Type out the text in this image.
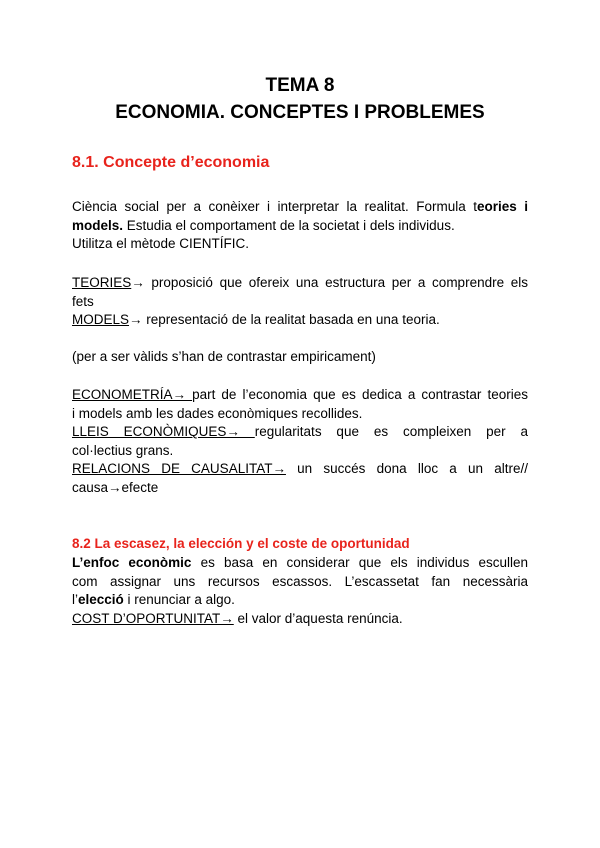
TEMA 8
ECONOMIA. CONCEPTES I PROBLEMES
8.1. Concepte d’economia
Ciència social per a conèixer i interpretar la realitat. Formula teories i
models. Estudia el comportament de la societat i dels individus.
Utilitza el mètode CIENTÍFIC.
TEORIES→ proposició que ofereix una estructura per a comprendre els
fets
MODELS→ representació de la realitat basada en una teoria.
(per a ser vàlids s’han de contrastar empiricament)
ECONOMETRÍA→ part de l’economia que es dedica a contrastar teories
i models amb les dades econòmiques recollides.
LLEIS ECONÒMIQUES→ regularitats que es compleixen per a
col·lectius grans.
RELACIONS DE CAUSALITAT→ un succés dona lloc a un altre//
causa→efecte
8.2 La escasez, la elección y el coste de oportunidad
L’enfoc econòmic es basa en considerar que els individus escullen
com assignar uns recursos escassos. L’escassetat fan necessària
l’elecció i renunciar a algo.
COST D’OPORTUNITAT→ el valor d’aquesta renúncia.
